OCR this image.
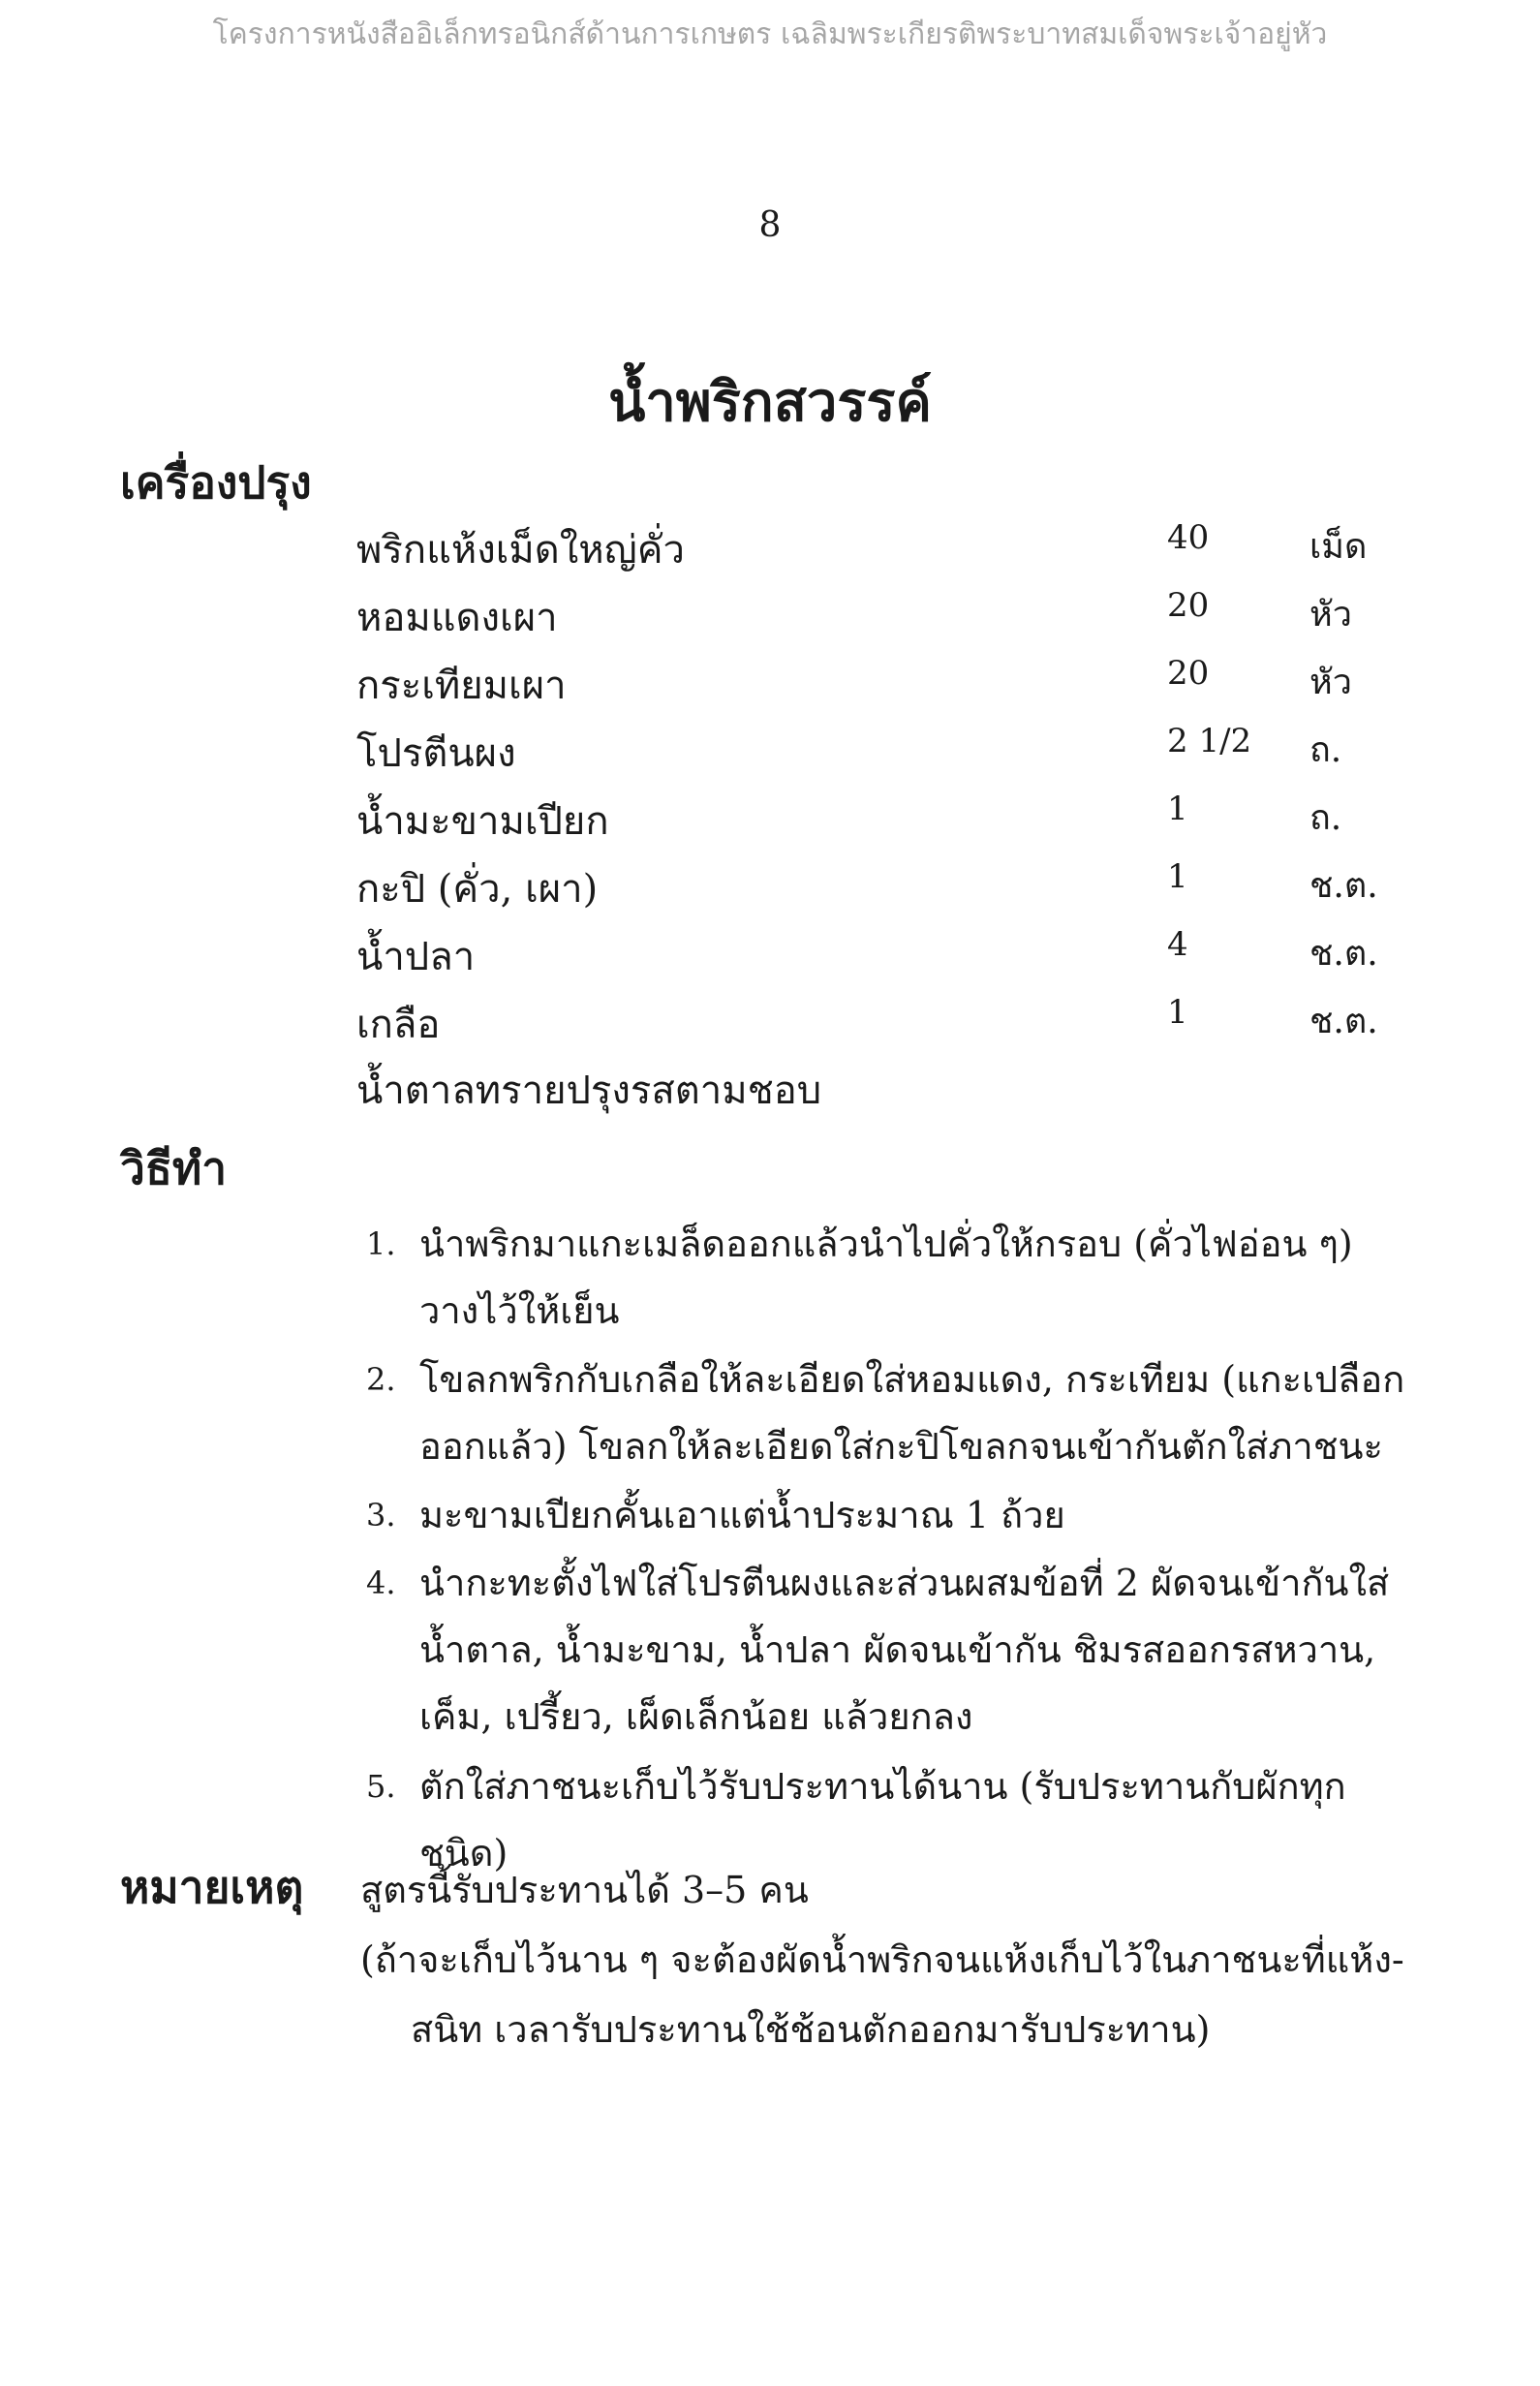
โครงการหนังสืออิเล็กทรอนิกส์ด้านการเกษตร เฉลิมพระเกียรติพระบาทสมเด็จพระเจ้าอยู่หัว
8
น้ำพริกสวรรค์
เครื่องปรุง
พริกแห้งเม็ดใหญ่คั่ว	40	เม็ด
หอมแดงเผา	20	หัว
กระเทียมเผา	20	หัว
โปรตีนผง	2 1/2 ถ.
น้ำมะขามเปียก	1	ถ.
กะปิ (คั่ว, เผา)	1	ช.ต.
น้ำปลา	4	ช.ต.
เกลือ	1	ช.ต.
น้ำตาลทรายปรุงรสตามชอบ
วิธีทำ
1. นำพริกมาแกะเมล็ดออกแล้วนำไปคั่วให้กรอบ (คั่วไฟอ่อน ๆ) วางไว้ให้เย็น
2. โขลกพริกกับเกลือให้ละเอียดใส่หอมแดง, กระเทียม (แกะเปลือกออกแล้ว) โขลกให้ละเอียดใส่กะปิโขลกจนเข้ากันตักใส่ภาชนะ
3. มะขามเปียกคั้นเอาแต่น้ำประมาณ 1 ถ้วย
4. นำกะทะตั้งไฟใส่โปรตีนผงและส่วนผสมข้อที่ 2 ผัดจนเข้ากันใส่น้ำตาล, น้ำมะขาม, น้ำปลา ผัดจนเข้ากัน ชิมรสออกรสหวาน, เค็ม, เปรี้ยว, เผ็ดเล็กน้อย แล้วยกลง
5. ตักใส่ภาชนะเก็บไว้รับประทานได้นาน (รับประทานกับผักทุกชนิด)
หมายเหตุ สูตรนี้รับประทานได้ 3–5 คน
(ถ้าจะเก็บไว้นาน ๆ จะต้องผัดน้ำพริกจนแห้งเก็บไว้ในภาชนะที่แห้ง-
สนิท เวลารับประทานใช้ช้อนตักออกมารับประทาน)
